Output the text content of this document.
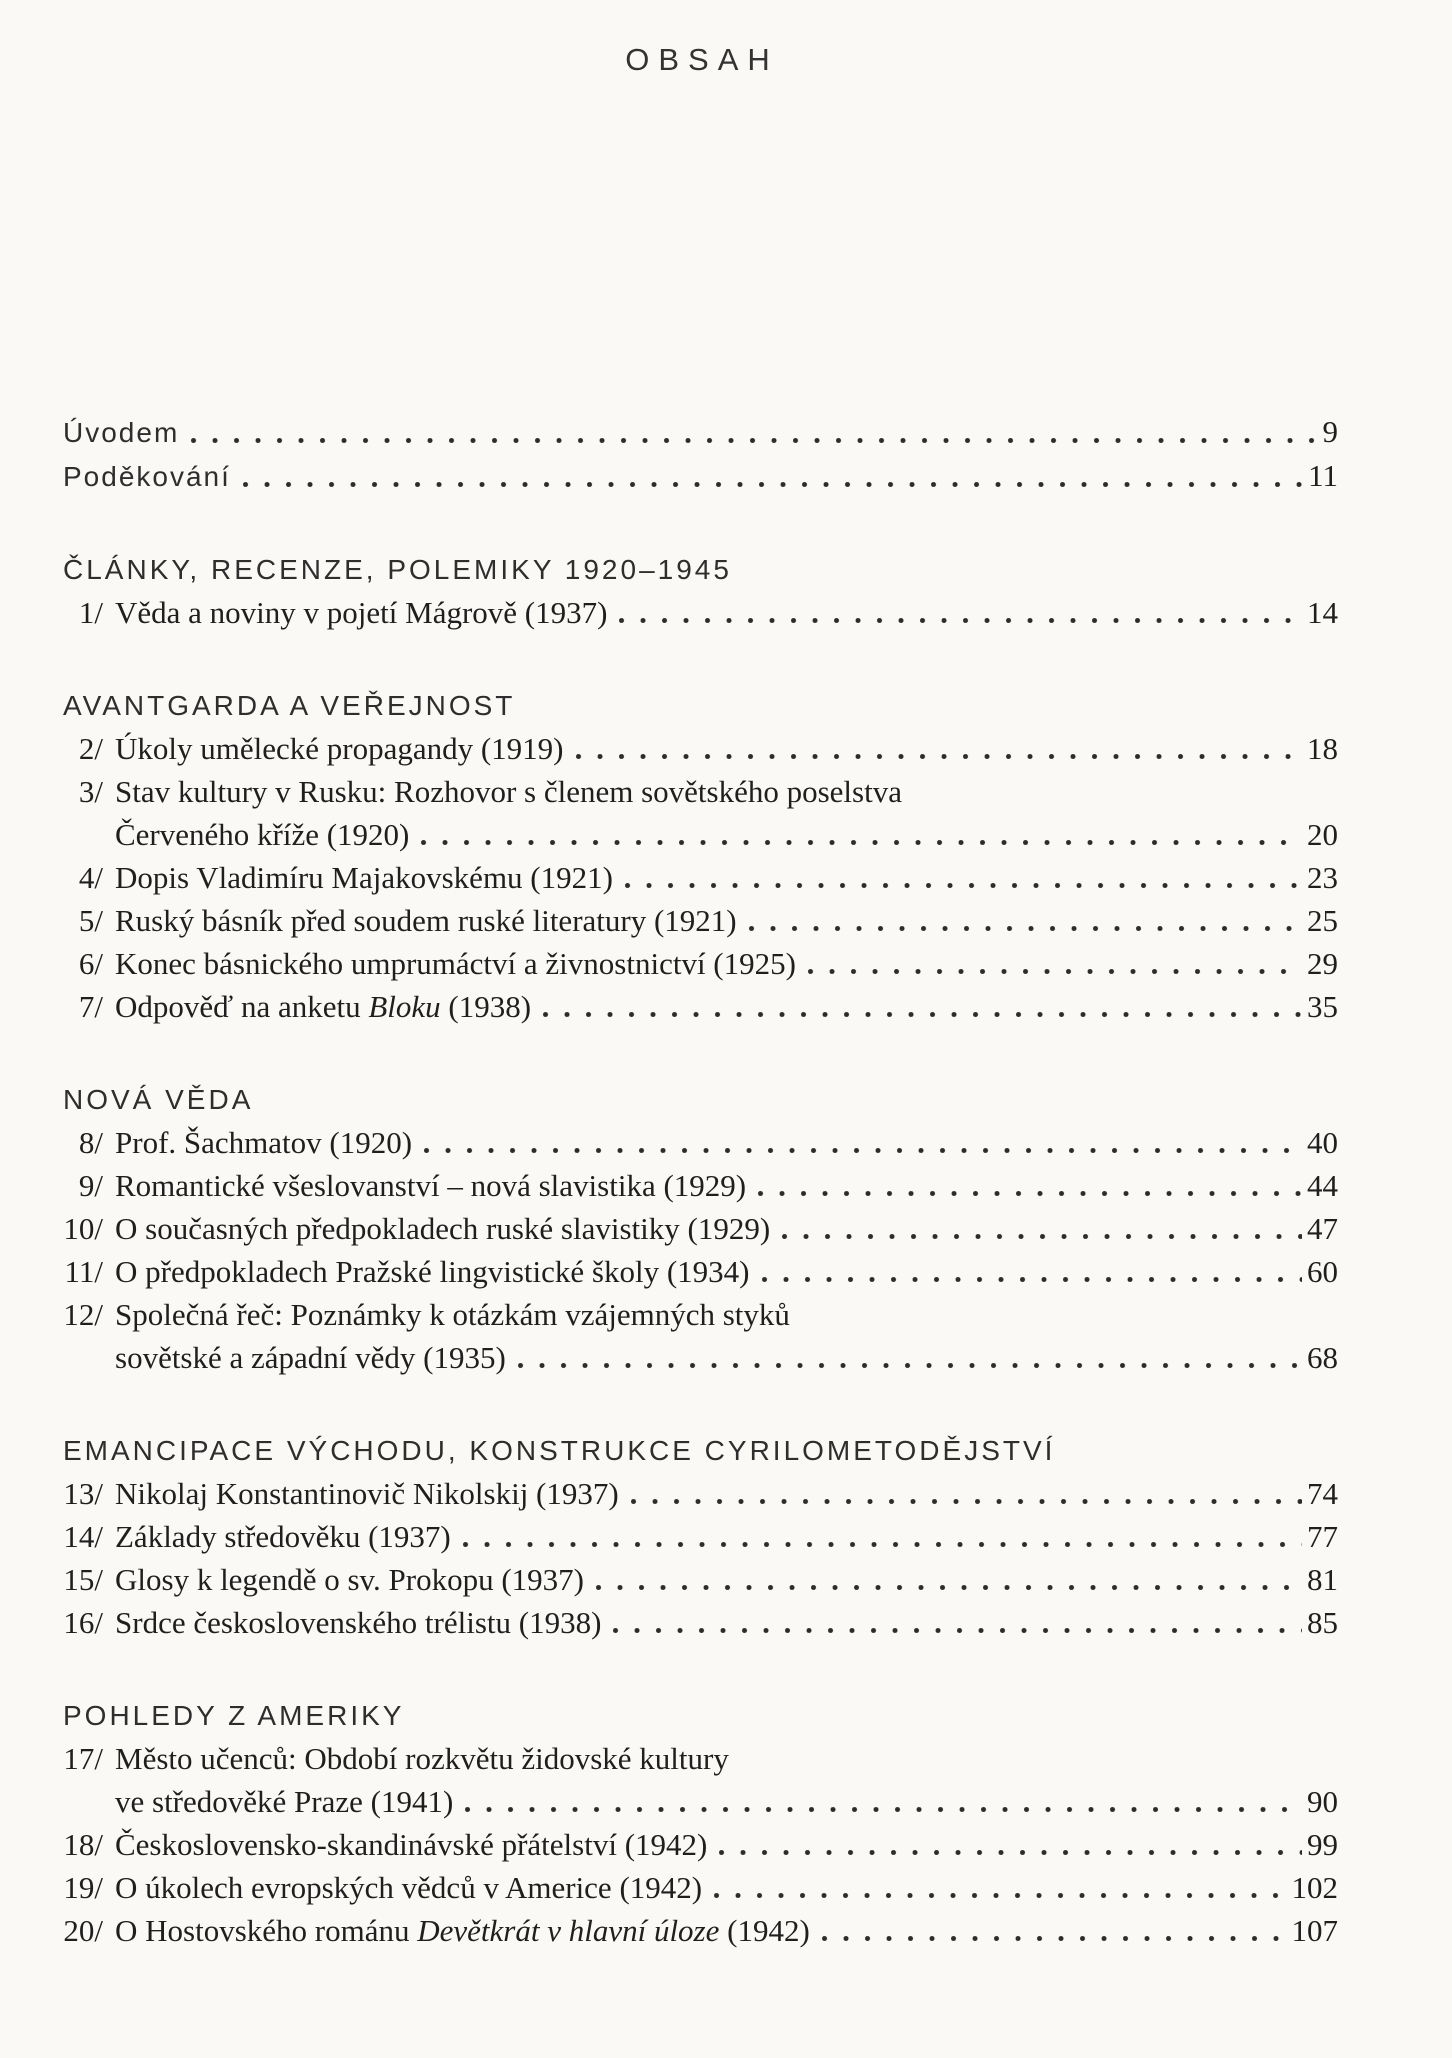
OBSAH
Úvodem	9
Poděkování	11
ČLÁNKY, RECENZE, POLEMIKY 1920–1945
1/ Věda a noviny v pojetí Mágrově (1937)	14
AVANTGARDA A VEŘEJNOST
2/ Úkoly umělecké propagandy (1919)	18
3/ Stav kultury v Rusku: Rozhovor s členem sovětského poselstva
Červeného kříže (1920)	20
4/ Dopis Vladimíru Majakovskému (1921)	23
5/ Ruský básník před soudem ruské literatury (1921)	25
6/ Konec básnického umprumáctví a živnostnictví (1925)	29
7/ Odpověď na anketu Bloku (1938)	35
NOVÁ VĚDA
8/ Prof. Šachmatov (1920)	40
9/ Romantické všeslovanství – nová slavistika (1929)	44
10/ O současných předpokladech ruské slavistiky (1929)	47
11/ O předpokladech Pražské lingvistické školy (1934)	60
12/ Společná řeč: Poznámky k otázkám vzájemných styků
sovětské a západní vědy (1935)	68
EMANCIPACE VÝCHODU, KONSTRUKCE CYRILOMETODĚJSTVÍ
13/ Nikolaj Konstantinovič Nikolskij (1937)	74
14/ Základy středověku (1937)	77
15/ Glosy k legendě o sv. Prokopu (1937)	81
16/ Srdce československého trélistu (1938)	85
POHLEDY Z AMERIKY
17/ Město učenců: Období rozkvětu židovské kultury
ve středověké Praze (1941)	90
18/ Československo-skandinávské přátelství (1942)	99
19/ O úkolech evropských vědců v Americe (1942)	102
20/ O Hostovského románu Devětkrát v hlavní úloze (1942)	107
